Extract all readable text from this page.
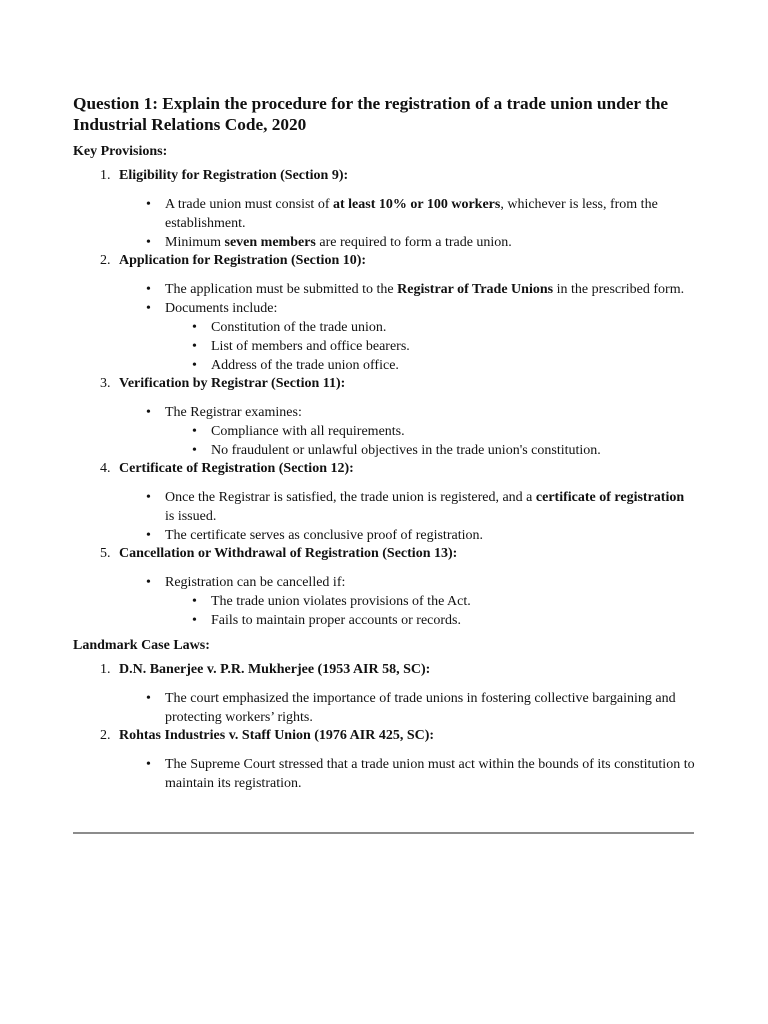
Question 1: Explain the procedure for the registration of a trade union under the Industrial Relations Code, 2020
Key Provisions:
1. Eligibility for Registration (Section 9):
• A trade union must consist of at least 10% or 100 workers, whichever is less, from the establishment.
• Minimum seven members are required to form a trade union.
2. Application for Registration (Section 10):
• The application must be submitted to the Registrar of Trade Unions in the prescribed form.
• Documents include:
• Constitution of the trade union.
• List of members and office bearers.
• Address of the trade union office.
3. Verification by Registrar (Section 11):
• The Registrar examines:
• Compliance with all requirements.
• No fraudulent or unlawful objectives in the trade union's constitution.
4. Certificate of Registration (Section 12):
• Once the Registrar is satisfied, the trade union is registered, and a certificate of registration is issued.
• The certificate serves as conclusive proof of registration.
5. Cancellation or Withdrawal of Registration (Section 13):
• Registration can be cancelled if:
• The trade union violates provisions of the Act.
• Fails to maintain proper accounts or records.
Landmark Case Laws:
1. D.N. Banerjee v. P.R. Mukherjee (1953 AIR 58, SC):
• The court emphasized the importance of trade unions in fostering collective bargaining and protecting workers’ rights.
2. Rohtas Industries v. Staff Union (1976 AIR 425, SC):
• The Supreme Court stressed that a trade union must act within the bounds of its constitution to maintain its registration.
